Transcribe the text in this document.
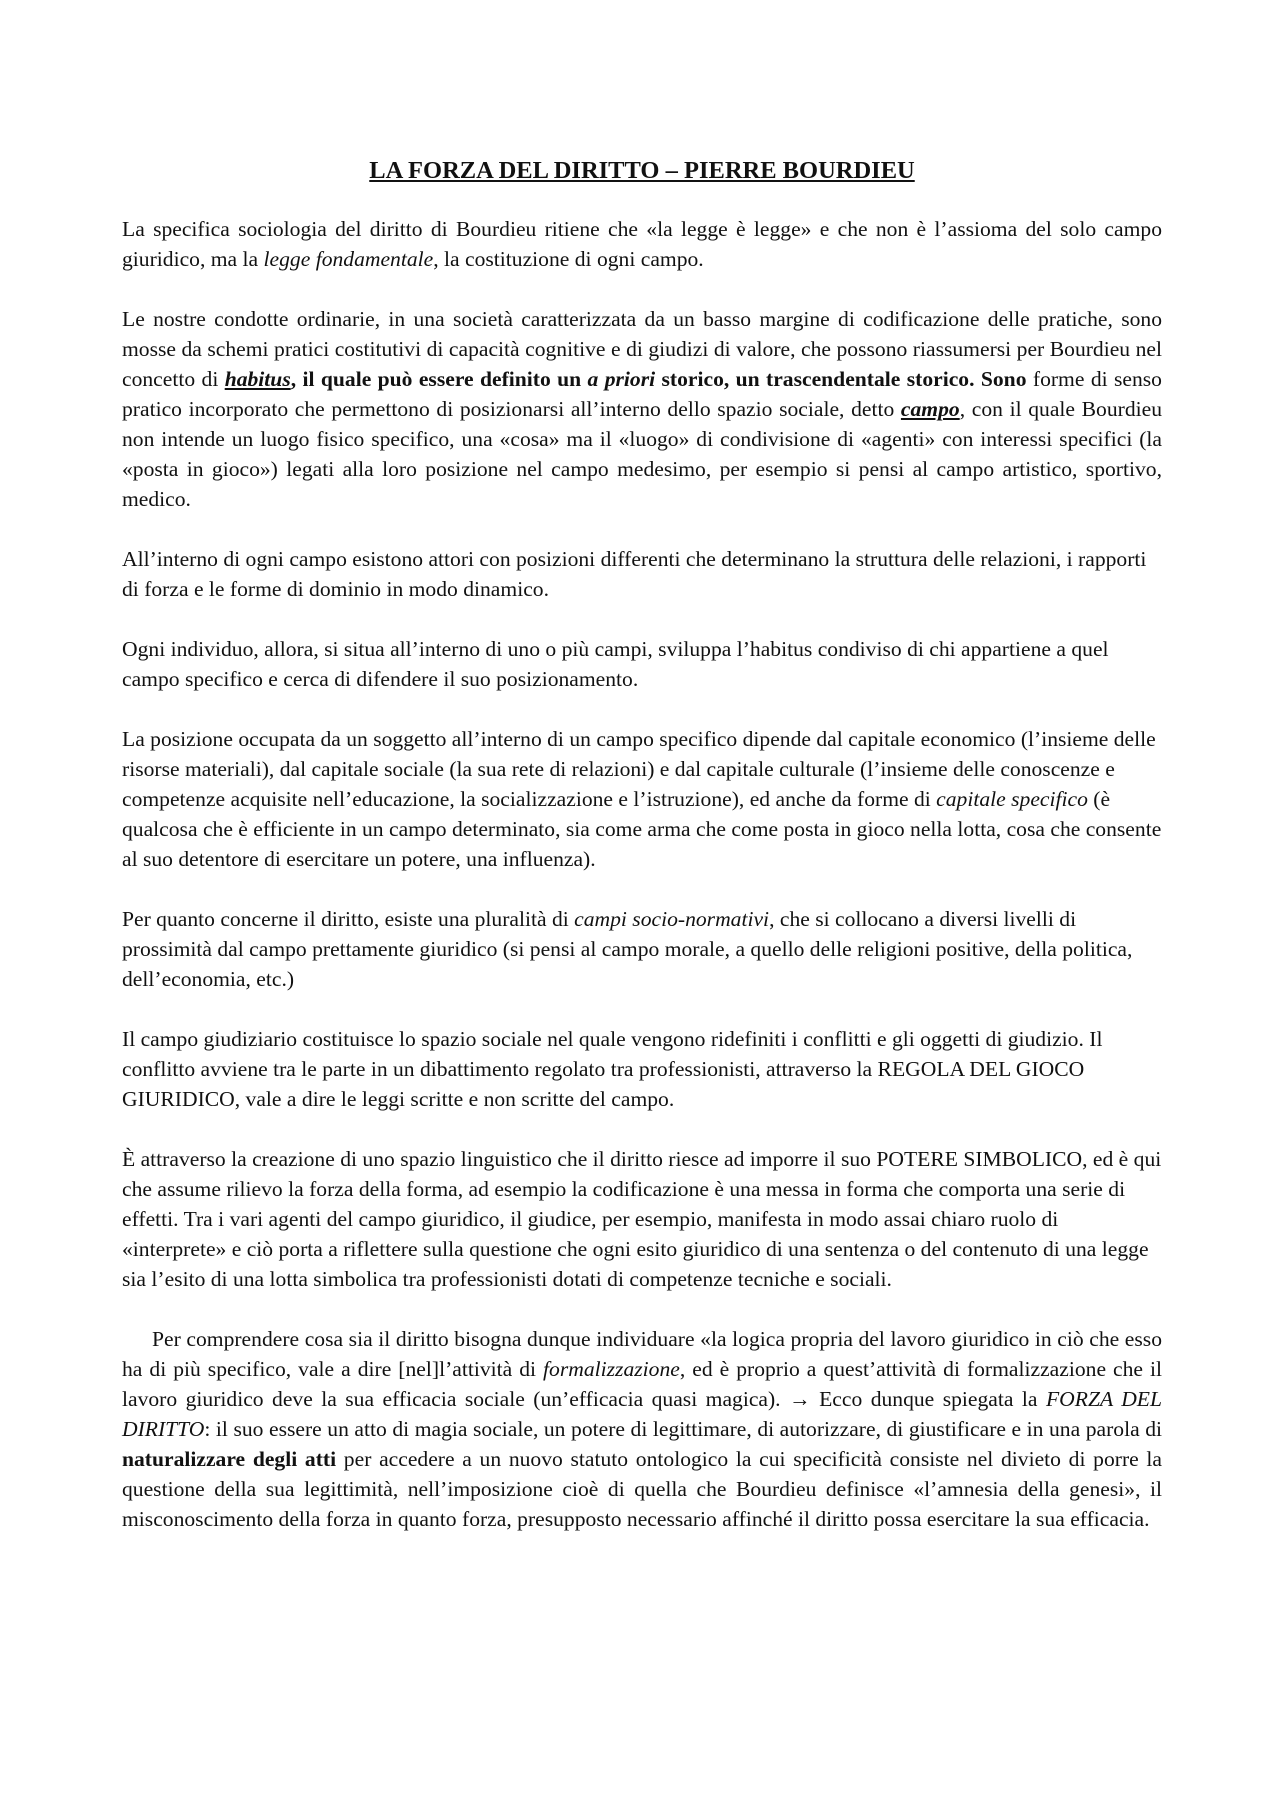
LA FORZA DEL DIRITTO – PIERRE BOURDIEU

La specifica sociologia del diritto di Bourdieu ritiene che «la legge è legge» e che non è l’assioma del solo campo giuridico, ma la legge fondamentale, la costituzione di ogni campo.

Le nostre condotte ordinarie, in una società caratterizzata da un basso margine di codificazione delle pratiche, sono mosse da schemi pratici costitutivi di capacità cognitive e di giudizi di valore, che possono riassumersi per Bourdieu nel concetto di habitus, il quale può essere definito un a priori storico, un trascendentale storico. Sono forme di senso pratico incorporato che permettono di posizionarsi all’interno dello spazio sociale, detto campo, con il quale Bourdieu non intende un luogo fisico specifico, una «cosa» ma il «luogo» di condivisione di «agenti» con interessi specifici (la «posta in gioco») legati alla loro posizione nel campo medesimo, per esempio si pensi al campo artistico, sportivo, medico.

All’interno di ogni campo esistono attori con posizioni differenti che determinano la struttura delle relazioni, i rapporti di forza e le forme di dominio in modo dinamico.

Ogni individuo, allora, si situa all’interno di uno o più campi, sviluppa l’habitus condiviso di chi appartiene a quel campo specifico e cerca di difendere il suo posizionamento.

La posizione occupata da un soggetto all’interno di un campo specifico dipende dal capitale economico (l’insieme delle risorse materiali), dal capitale sociale (la sua rete di relazioni) e dal capitale culturale (l’insieme delle conoscenze e competenze acquisite nell’educazione, la socializzazione e l’istruzione), ed anche da forme di capitale specifico (è qualcosa che è efficiente in un campo determinato, sia come arma che come posta in gioco nella lotta, cosa che consente al suo detentore di esercitare un potere, una influenza).

Per quanto concerne il diritto, esiste una pluralità di campi socio-normativi, che si collocano a diversi livelli di prossimità dal campo prettamente giuridico (si pensi al campo morale, a quello delle religioni positive, della politica, dell’economia, etc.)

Il campo giudiziario costituisce lo spazio sociale nel quale vengono ridefiniti i conflitti e gli oggetti di giudizio. Il conflitto avviene tra le parte in un dibattimento regolato tra professionisti, attraverso la REGOLA DEL GIOCO GIURIDICO, vale a dire le leggi scritte e non scritte del campo.

È attraverso la creazione di uno spazio linguistico che il diritto riesce ad imporre il suo POTERE SIMBOLICO, ed è qui che assume rilievo la forza della forma, ad esempio la codificazione è una messa in forma che comporta una serie di effetti. Tra i vari agenti del campo giuridico, il giudice, per esempio, manifesta in modo assai chiaro ruolo di «interprete» e ciò porta a riflettere sulla questione che ogni esito giuridico di una sentenza o del contenuto di una legge sia l’esito di una lotta simbolica tra professionisti dotati di competenze tecniche e sociali.

Per comprendere cosa sia il diritto bisogna dunque individuare «la logica propria del lavoro giuridico in ciò che esso ha di più specifico, vale a dire [nel]l’attività di formalizzazione, ed è proprio a quest’attività di formalizzazione che il lavoro giuridico deve la sua efficacia sociale (un’efficacia quasi magica). → Ecco dunque spiegata la FORZA DEL DIRITTO: il suo essere un atto di magia sociale, un potere di legittimare, di autorizzare, di giustificare e in una parola di naturalizzare degli atti per accedere a un nuovo statuto ontologico la cui specificità consiste nel divieto di porre la questione della sua legittimità, nell’imposizione cioè di quella che Bourdieu definisce «l’amnesia della genesi», il misconoscimento della forza in quanto forza, presupposto necessario affinché il diritto possa esercitare la sua efficacia.
